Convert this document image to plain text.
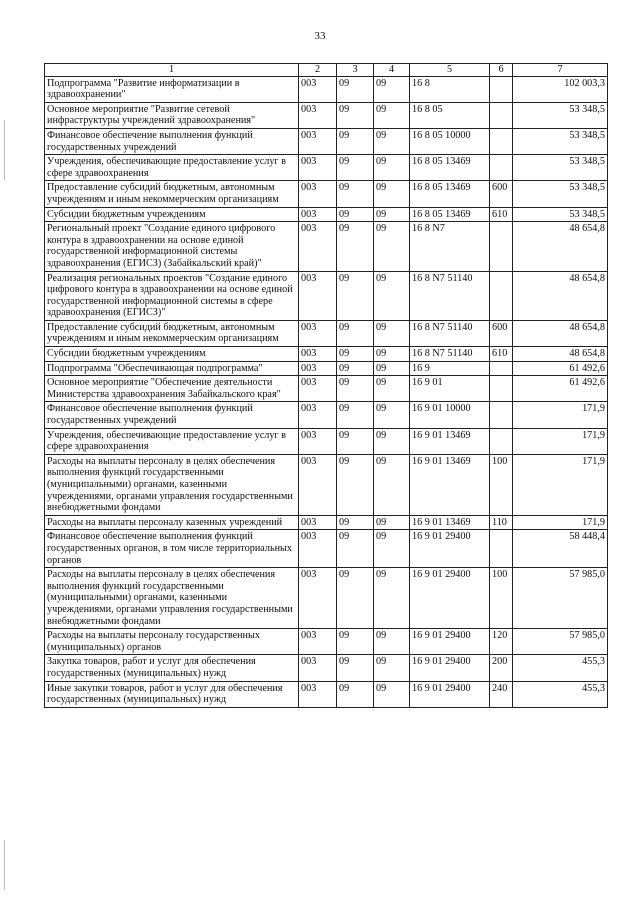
33
1	2	3	4	5	6	7
Подпрограмма "Развитие информатизации в здравоохранении"	003	09	09	16 8		102 003,3
Основное мероприятие "Развитие сетевой инфраструктуры учреждений здравоохранения"	003	09	09	16 8 05		53 348,5
Финансовое обеспечение выполнения функций государственных учреждений	003	09	09	16 8 05 10000		53 348,5
Учреждения, обеспечивающие предоставление услуг в сфере здравоохранения	003	09	09	16 8 05 13469		53 348,5
Предоставление субсидий бюджетным, автономным учреждениям и иным некоммерческим организациям	003	09	09	16 8 05 13469	600	53 348,5
Субсидии бюджетным учреждениям	003	09	09	16 8 05 13469	610	53 348,5
Региональный проект "Создание единого цифрового контура в здравоохранении на основе единой государственной информационной системы здравоохранения (ЕГИСЗ) (Забайкальский край)"	003	09	09	16 8 N7		48 654,8
Реализация региональных проектов "Создание единого цифрового контура в здравоохранении на основе единой государственной информационной системы в сфере здравоохранения (ЕГИСЗ)"	003	09	09	16 8 N7 51140		48 654,8
Предоставление субсидий бюджетным, автономным учреждениям и иным некоммерческим организациям	003	09	09	16 8 N7 51140	600	48 654,8
Субсидии бюджетным учреждениям	003	09	09	16 8 N7 51140	610	48 654,8
Подпрограмма "Обеспечивающая подпрограмма"	003	09	09	16 9		61 492,6
Основное мероприятие "Обеспечение деятельности Министерства здравоохранения Забайкальского края"	003	09	09	16 9 01		61 492,6
Финансовое обеспечение выполнения функций государственных учреждений	003	09	09	16 9 01 10000		171,9
Учреждения, обеспечивающие предоставление услуг в сфере здравоохранения	003	09	09	16 9 01 13469		171,9
Расходы на выплаты персоналу в целях обеспечения выполнения функций государственными (муниципальными) органами, казенными учреждениями, органами управления государственными внебюджетными фондами	003	09	09	16 9 01 13469	100	171,9
Расходы на выплаты персоналу казенных учреждений	003	09	09	16 9 01 13469	110	171,9
Финансовое обеспечение выполнения функций государственных органов, в том числе территориальных органов	003	09	09	16 9 01 29400		58 448,4
Расходы на выплаты персоналу в целях обеспечения выполнения функций государственными (муниципальными) органами, казенными учреждениями, органами управления государственными внебюджетными фондами	003	09	09	16 9 01 29400	100	57 985,0
Расходы на выплаты персоналу государственных (муниципальных) органов	003	09	09	16 9 01 29400	120	57 985,0
Закупка товаров, работ и услуг для обеспечения государственных (муниципальных) нужд	003	09	09	16 9 01 29400	200	455,3
Иные закупки товаров, работ и услуг для обеспечения государственных (муниципальных) нужд	003	09	09	16 9 01 29400	240	455,3
